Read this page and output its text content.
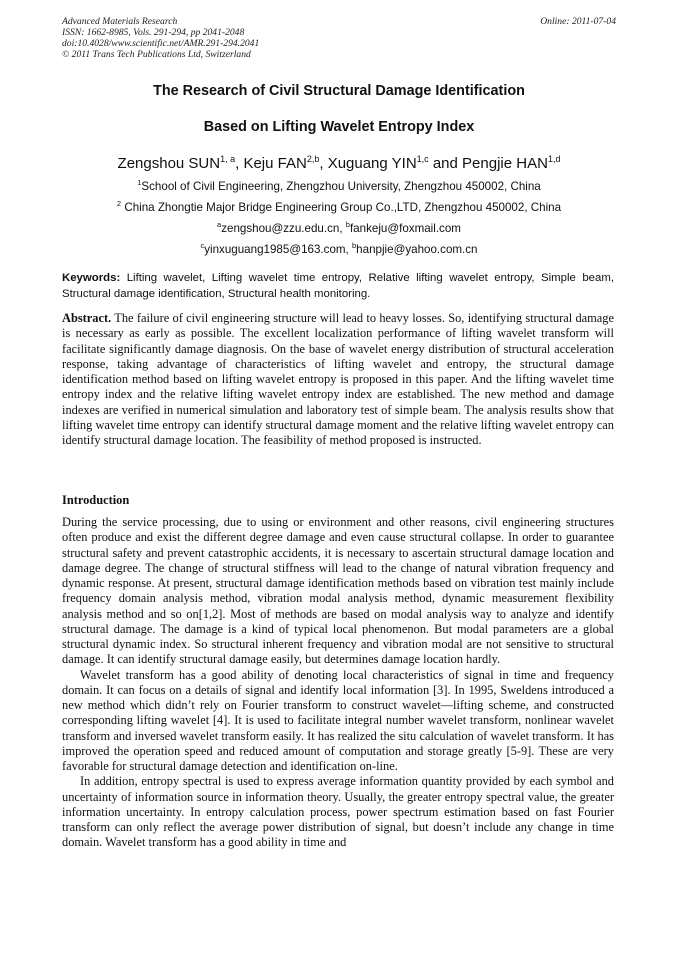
Advanced Materials Research
ISSN: 1662-8985, Vols. 291-294, pp 2041-2048
doi:10.4028/www.scientific.net/AMR.291-294.2041
© 2011 Trans Tech Publications Ltd, Switzerland
Online: 2011-07-04
The Research of Civil Structural Damage Identification
Based on Lifting Wavelet Entropy Index
Zengshou SUN$^{1, a}$, Keju FAN$^{2,b}$, Xuguang YIN$^{1,c}$ and Pengjie HAN$^{1,d}$
$^1$School of Civil Engineering, Zhengzhou University, Zhengzhou 450002, China
$^2$ China Zhongtie Major Bridge Engineering Group Co.,LTD, Zhengzhou 450002, China
$^a$zengshou@zzu.edu.cn, $^b$fankeju@foxmail.com
$^c$yinxuguang1985@163.com, $^b$hanpjie@yahoo.com.cn
Keywords: Lifting wavelet, Lifting wavelet time entropy, Relative lifting wavelet entropy, Simple beam, Structural damage identification, Structural health monitoring.
Abstract. The failure of civil engineering structure will lead to heavy losses. So, identifying structural damage is necessary as early as possible. The excellent localization performance of lifting wavelet transform will facilitate significantly damage diagnosis. On the base of wavelet energy distribution of structural acceleration response, taking advantage of characteristics of lifting wavelet and entropy, the structural damage identification method based on lifting wavelet entropy is proposed in this paper. And the lifting wavelet time entropy index and the relative lifting wavelet entropy index are established. The new method and damage indexes are verified in numerical simulation and laboratory test of simple beam. The analysis results show that lifting wavelet time entropy can identify structural damage moment and the relative lifting wavelet entropy can identify structural damage location. The feasibility of method proposed is instructed.
Introduction

During the service processing, due to using or environment and other reasons, civil engineering structures often produce and exist the different degree damage and even cause structural collapse. In order to guarantee structural safety and prevent catastrophic accidents, it is necessary to ascertain structural damage location and damage degree. The change of structural stiffness will lead to the change of natural vibration frequency and dynamic response. At present, structural damage identification methods based on vibration test mainly include frequency domain analysis method, vibration modal analysis method, dynamic measurement flexibility analysis method and so on[1,2]. Most of methods are based on modal analysis way to analyze and identify structural damage. The damage is a kind of typical local phenomenon. But modal parameters are a global structural dynamic index. So structural inherent frequency and vibration modal are not sensitive to structural damage. It can identify structural damage easily, but determines damage location hardly.

Wavelet transform has a good ability of denoting local characteristics of signal in time and frequency domain. It can focus on a details of signal and identify local information [3]. In 1995, Sweldens introduced a new method which didn’t rely on Fourier transform to construct wavelet—lifting scheme, and constructed corresponding lifting wavelet [4]. It is used to facilitate integral number wavelet transform, nonlinear wavelet transform and inversed wavelet transform easily. It has realized the situ calculation of wavelet transform. It has improved the operation speed and reduced amount of computation and storage greatly [5-9]. These are very favorable for structural damage detection and identification on-line.

In addition, entropy spectral is used to express average information quantity provided by each symbol and uncertainty of information source in information theory. Usually, the greater entropy spectral value, the greater information uncertainty. In entropy calculation process, power spectrum estimation based on fast Fourier transform can only reflect the average power distribution of signal, but doesn’t include any change in time domain. Wavelet transform has a good ability in time and
